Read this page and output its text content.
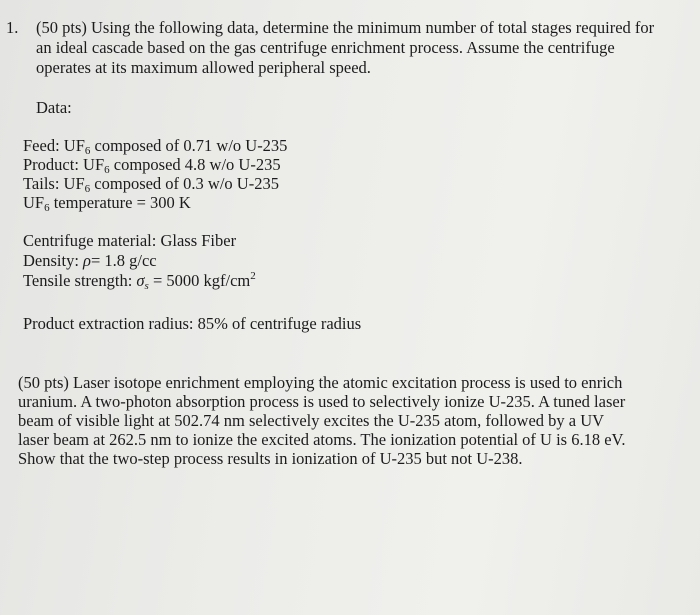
1. (50 pts) Using the following data, determine the minimum number of total stages required for
an ideal cascade based on the gas centrifuge enrichment process. Assume the centrifuge
operates at its maximum allowed peripheral speed.
Data:
Feed: UF6 composed of 0.71 w/o U-235
Product: UF6 composed 4.8 w/o U-235
Tails: UF6 composed of 0.3 w/o U-235
UF6 temperature = 300 K
Centrifuge material: Glass Fiber
Density: ρ= 1.8 g/cc
Tensile strength: σs = 5000 kgf/$cm^2$
Product extraction radius: 85% of centrifuge radius
(50 pts) Laser isotope enrichment employing the atomic excitation process is used to enrich
uranium. A two-photon absorption process is used to selectively ionize U-235. A tuned laser
beam of visible light at 502.74 nm selectively excites the U-235 atom, followed by a UV
laser beam at 262.5 nm to ionize the excited atoms. The ionization potential of U is 6.18 eV.
Show that the two-step process results in ionization of U-235 but not U-238.
